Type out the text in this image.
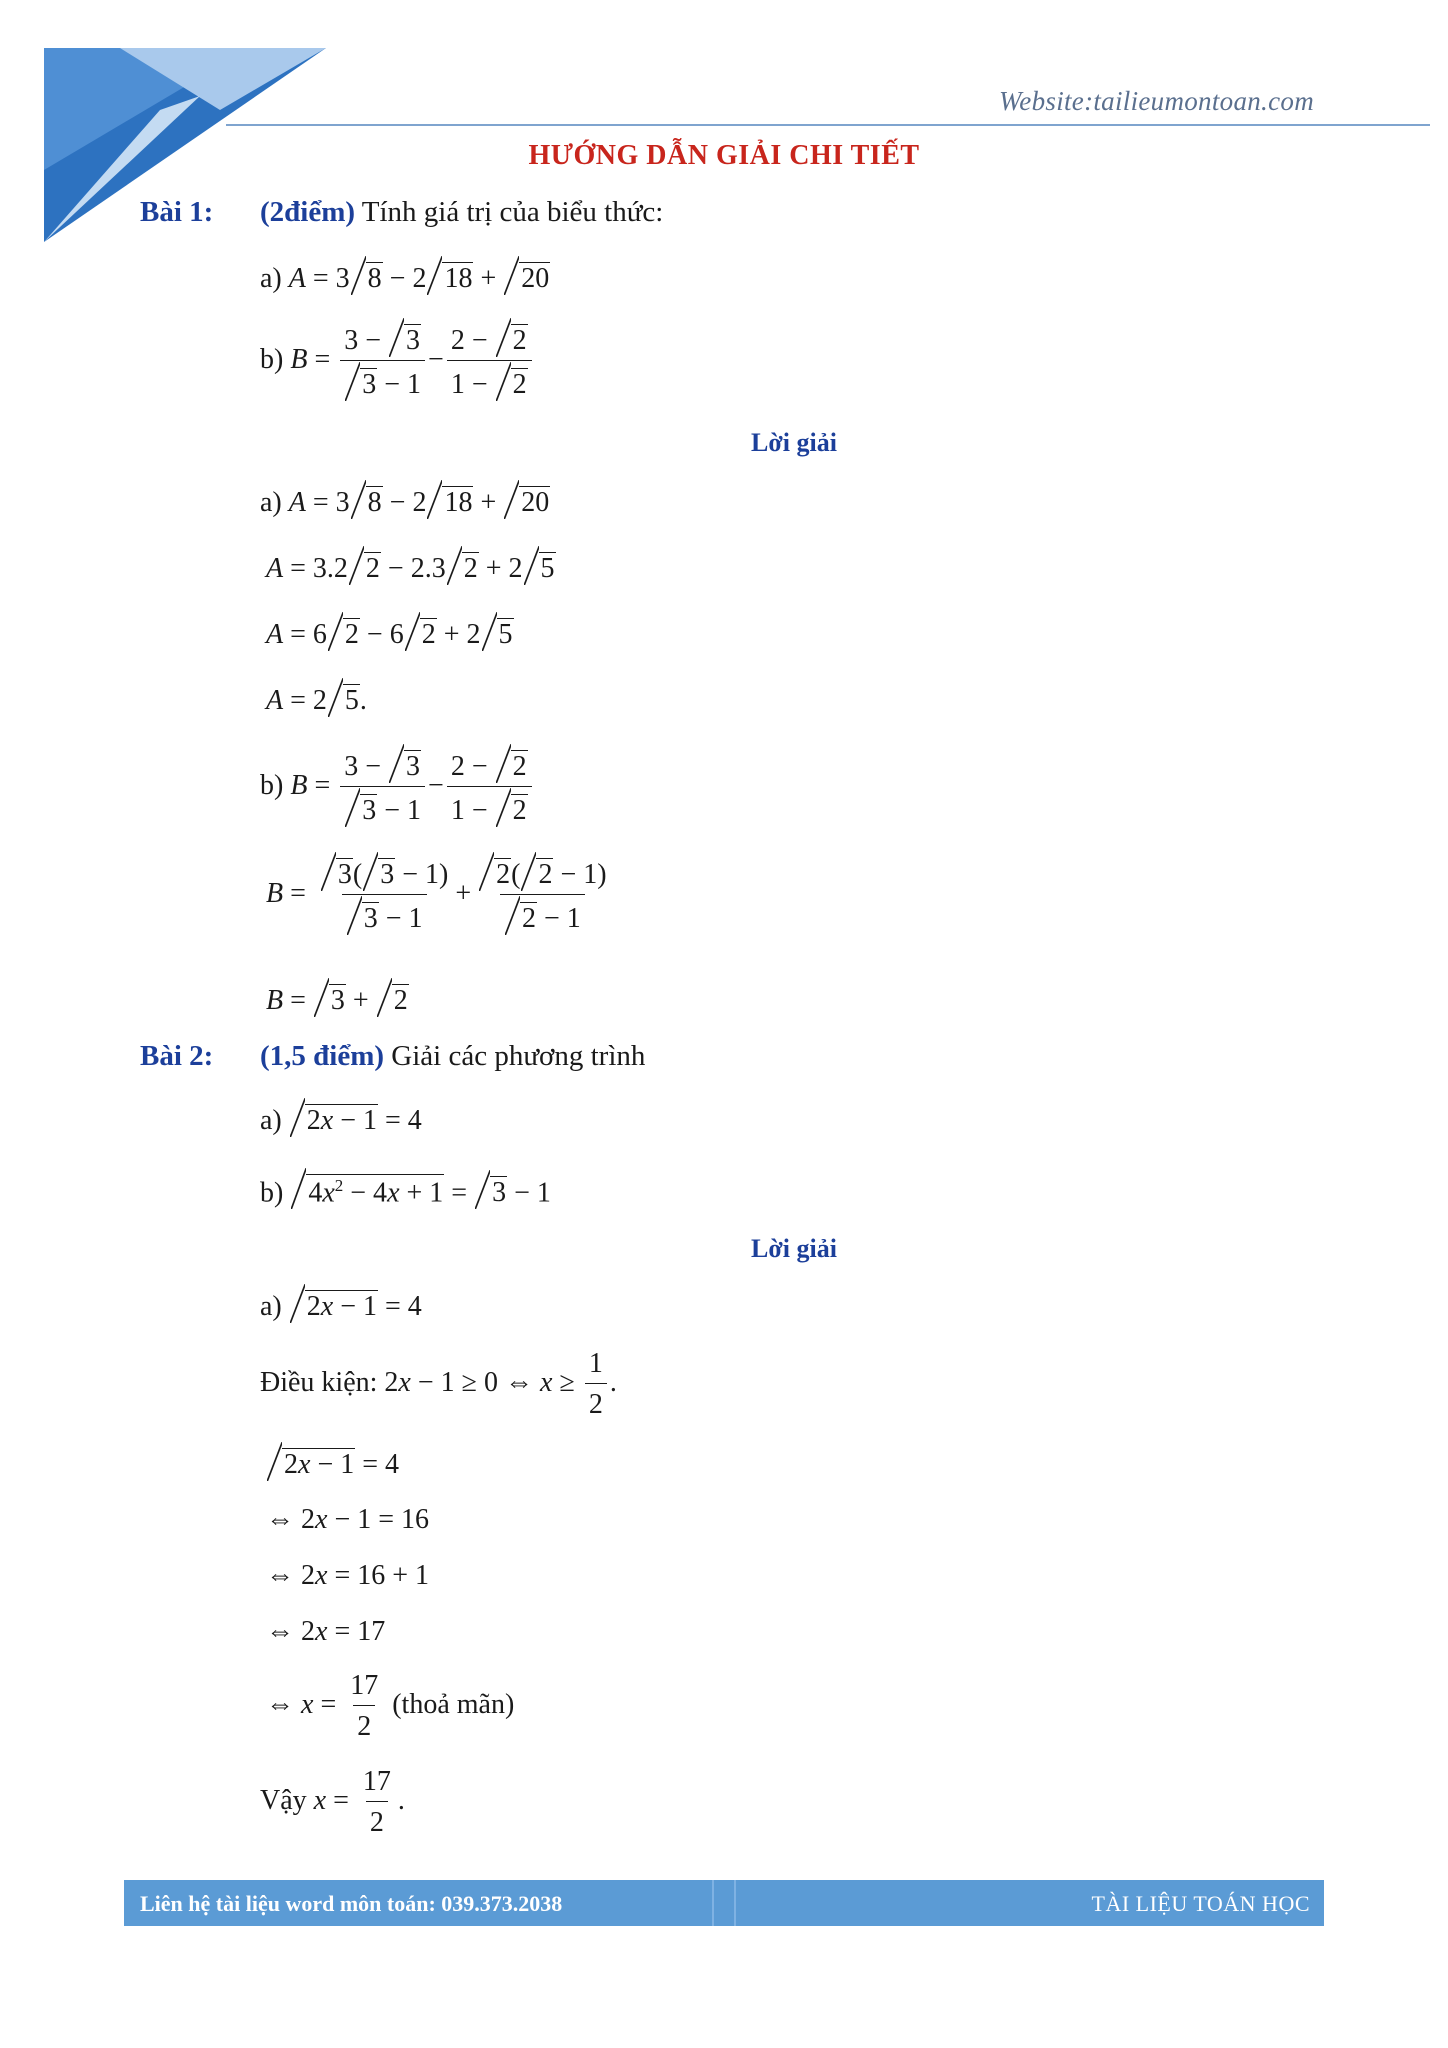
Website:tailieumontoan.com
HƯỚNG DẪN GIẢI CHI TIẾT
Bài 1: (2điểm) Tính giá trị của biểu thức:
a) A = 3 8 − 2 18 + 20
b) $B = \frac{3 - 3}{3 - 1} - \frac{2 - 2}{1 - 2}$
Lời giải
a) A = 3 8 − 2 18 + 20
A = 3.2 2 − 2.3 2 + 2 5
A = 6 2 − 6 2 + 2 5
A = 2 5.
b) $B = \frac{3 - 3}{3 - 1} - \frac{2 - 2}{1 - 2}$
$B = \frac{3( 3 - 1)}{3 - 1} + \frac{2( 2 - 1)}{2 - 1}$
B = 3 + 2
Bài 2: (1,5 điểm) Giải các phương trình
a) 2x − 1 = 4
b) $4x^2 - 4x + 1 = 3 - 1$
Lời giải
a) 2x − 1 = 4
Điều kiện: 2x − 1 ≥ 0 ⇔ $x \ge \frac{1}{2}$ .
2x − 1 = 4
⇔ 2x − 1 = 16
⇔ 2x = 16 + 1
⇔ 2x = 17
⇔ $x = \frac{17}{2}$ (thoả mãn)
Vậy $x = \frac{17}{2}$ .
Liên hệ tài liệu word môn toán: 039.373.2038	TÀI LIỆU TOÁN HỌC
